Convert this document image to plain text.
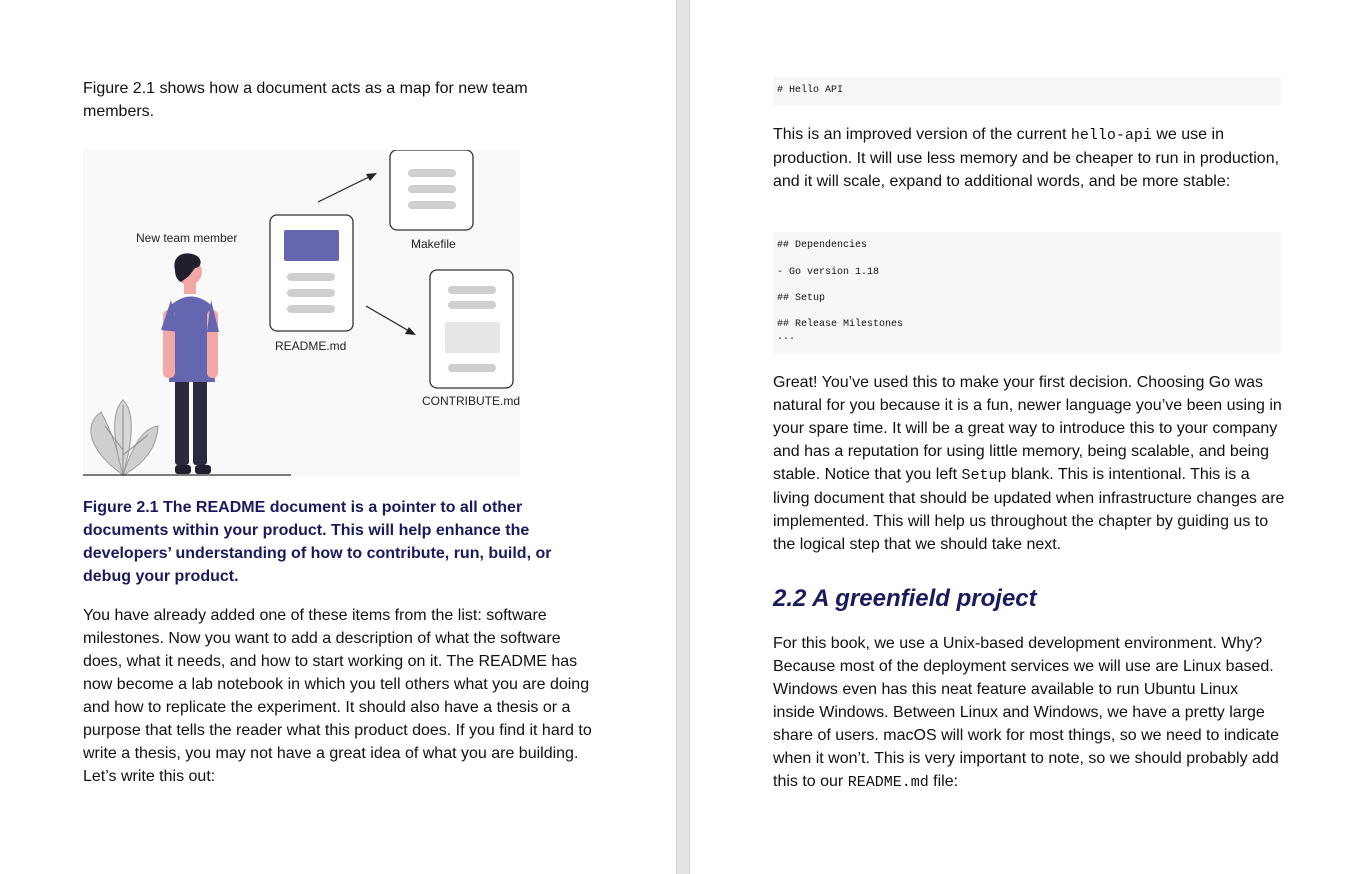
Figure 2.1 shows how a document acts as a map for new team members.

New team member
README.md
Makefile
CONTRIBUTE.md

Figure 2.1 The README document is a pointer to all other documents within your product. This will help enhance the developers’ understanding of how to contribute, run, build, or debug your product.

You have already added one of these items from the list: software milestones. Now you want to add a description of what the software does, what it needs, and how to start working on it. The README has now become a lab notebook in which you tell others what you are doing and how to replicate the experiment. It should also have a thesis or a purpose that tells the reader what this product does. If you find it hard to write a thesis, you may not have a great idea of what you are building. Let’s write this out:

# Hello API

This is an improved version of the current hello-api we use in production. It will use less memory and be cheaper to run in production, and it will scale, expand to additional words, and be more stable:

## Dependencies

- Go version 1.18

## Setup

## Release Milestones

...

Great! You’ve used this to make your first decision. Choosing Go was natural for you because it is a fun, newer language you’ve been using in your spare time. It will be a great way to introduce this to your company and has a reputation for using little memory, being scalable, and being stable. Notice that you left Setup blank. This is intentional. This is a living document that should be updated when infrastructure changes are implemented. This will help us throughout the chapter by guiding us to the logical step that we should take next.

2.2 A greenfield project

For this book, we use a Unix-based development environment. Why? Because most of the deployment services we will use are Linux based. Windows even has this neat feature available to run Ubuntu Linux inside Windows. Between Linux and Windows, we have a pretty large share of users. macOS will work for most things, so we need to indicate when it won’t. This is very important to note, so we should probably add this to our README.md file:
